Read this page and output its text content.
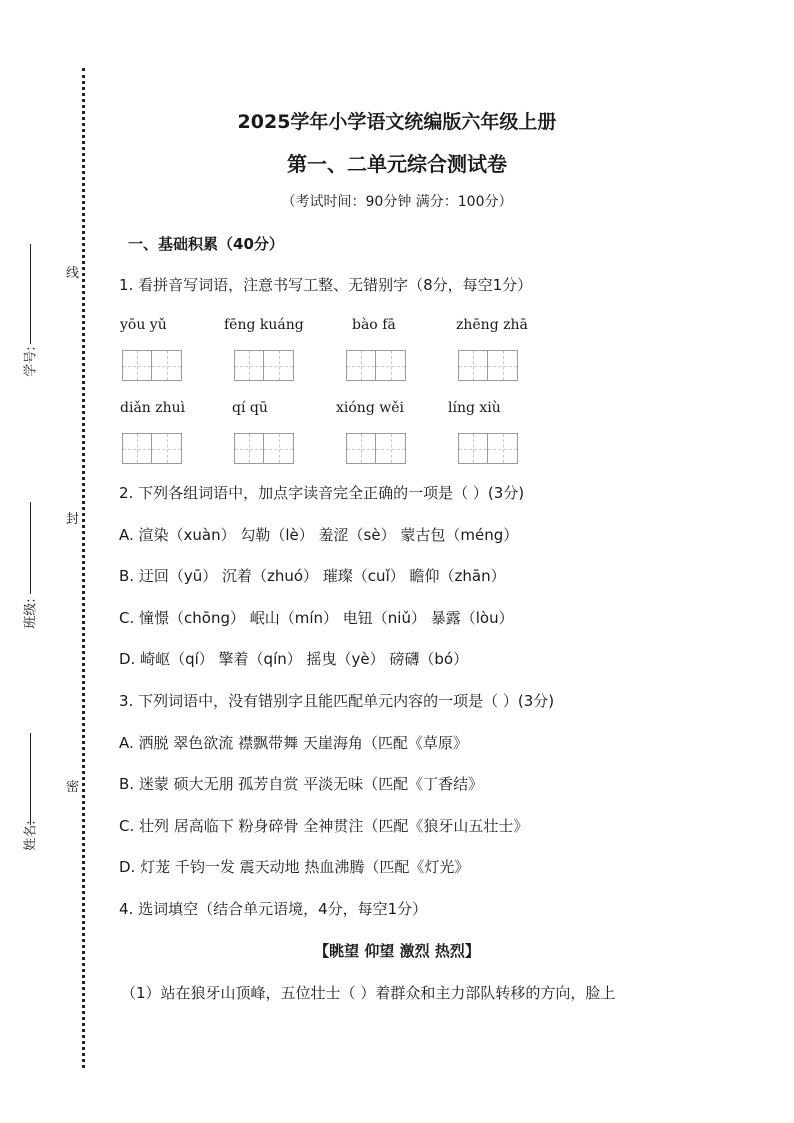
线
封
密
学号:
班级:
姓名:
2025学年小学语文统编版六年级上册
第一、二单元综合测试卷
（考试时间：90分钟 满分：100分）
一、基础积累（40分）
1. 看拼音写词语，注意书写工整、无错别字（8分，每空1分）
yōu yǔ	fēng kuáng	bào fā	zhēng zhā
diǎn zhuì	qí qū	xióng wěi	líng xiù
2. 下列各组词语中，加点字读音完全正确的一项是（ ）(3分)
A. 渲染（xuàn） 勾勒（lè） 羞涩（sè） 蒙古包（méng）
B. 迂回（yū） 沉着（zhuó） 璀璨（cuǐ） 瞻仰（zhān）
C. 憧憬（chōng） 岷山（mín） 电钮（niǔ） 暴露（lòu）
D. 崎岖（qí） 擎着（qín） 摇曳（yè） 磅礴（bó）
3. 下列词语中，没有错别字且能匹配单元内容的一项是（ ）(3分)
A. 洒脱 翠色欲流 襟飘带舞 天崖海角（匹配《草原》
B. 迷蒙 硕大无朋 孤芳自赏 平淡无味（匹配《丁香结》
C. 壮列 居高临下 粉身碎骨 全神贯注（匹配《狼牙山五壮士》
D. 灯茏 千钧一发 震天动地 热血沸腾（匹配《灯光》
4. 选词填空（结合单元语境，4分，每空1分）
【眺望 仰望 激烈 热烈】
（1）站在狼牙山顶峰，五位壮士（ ）着群众和主力部队转移的方向，脸上
